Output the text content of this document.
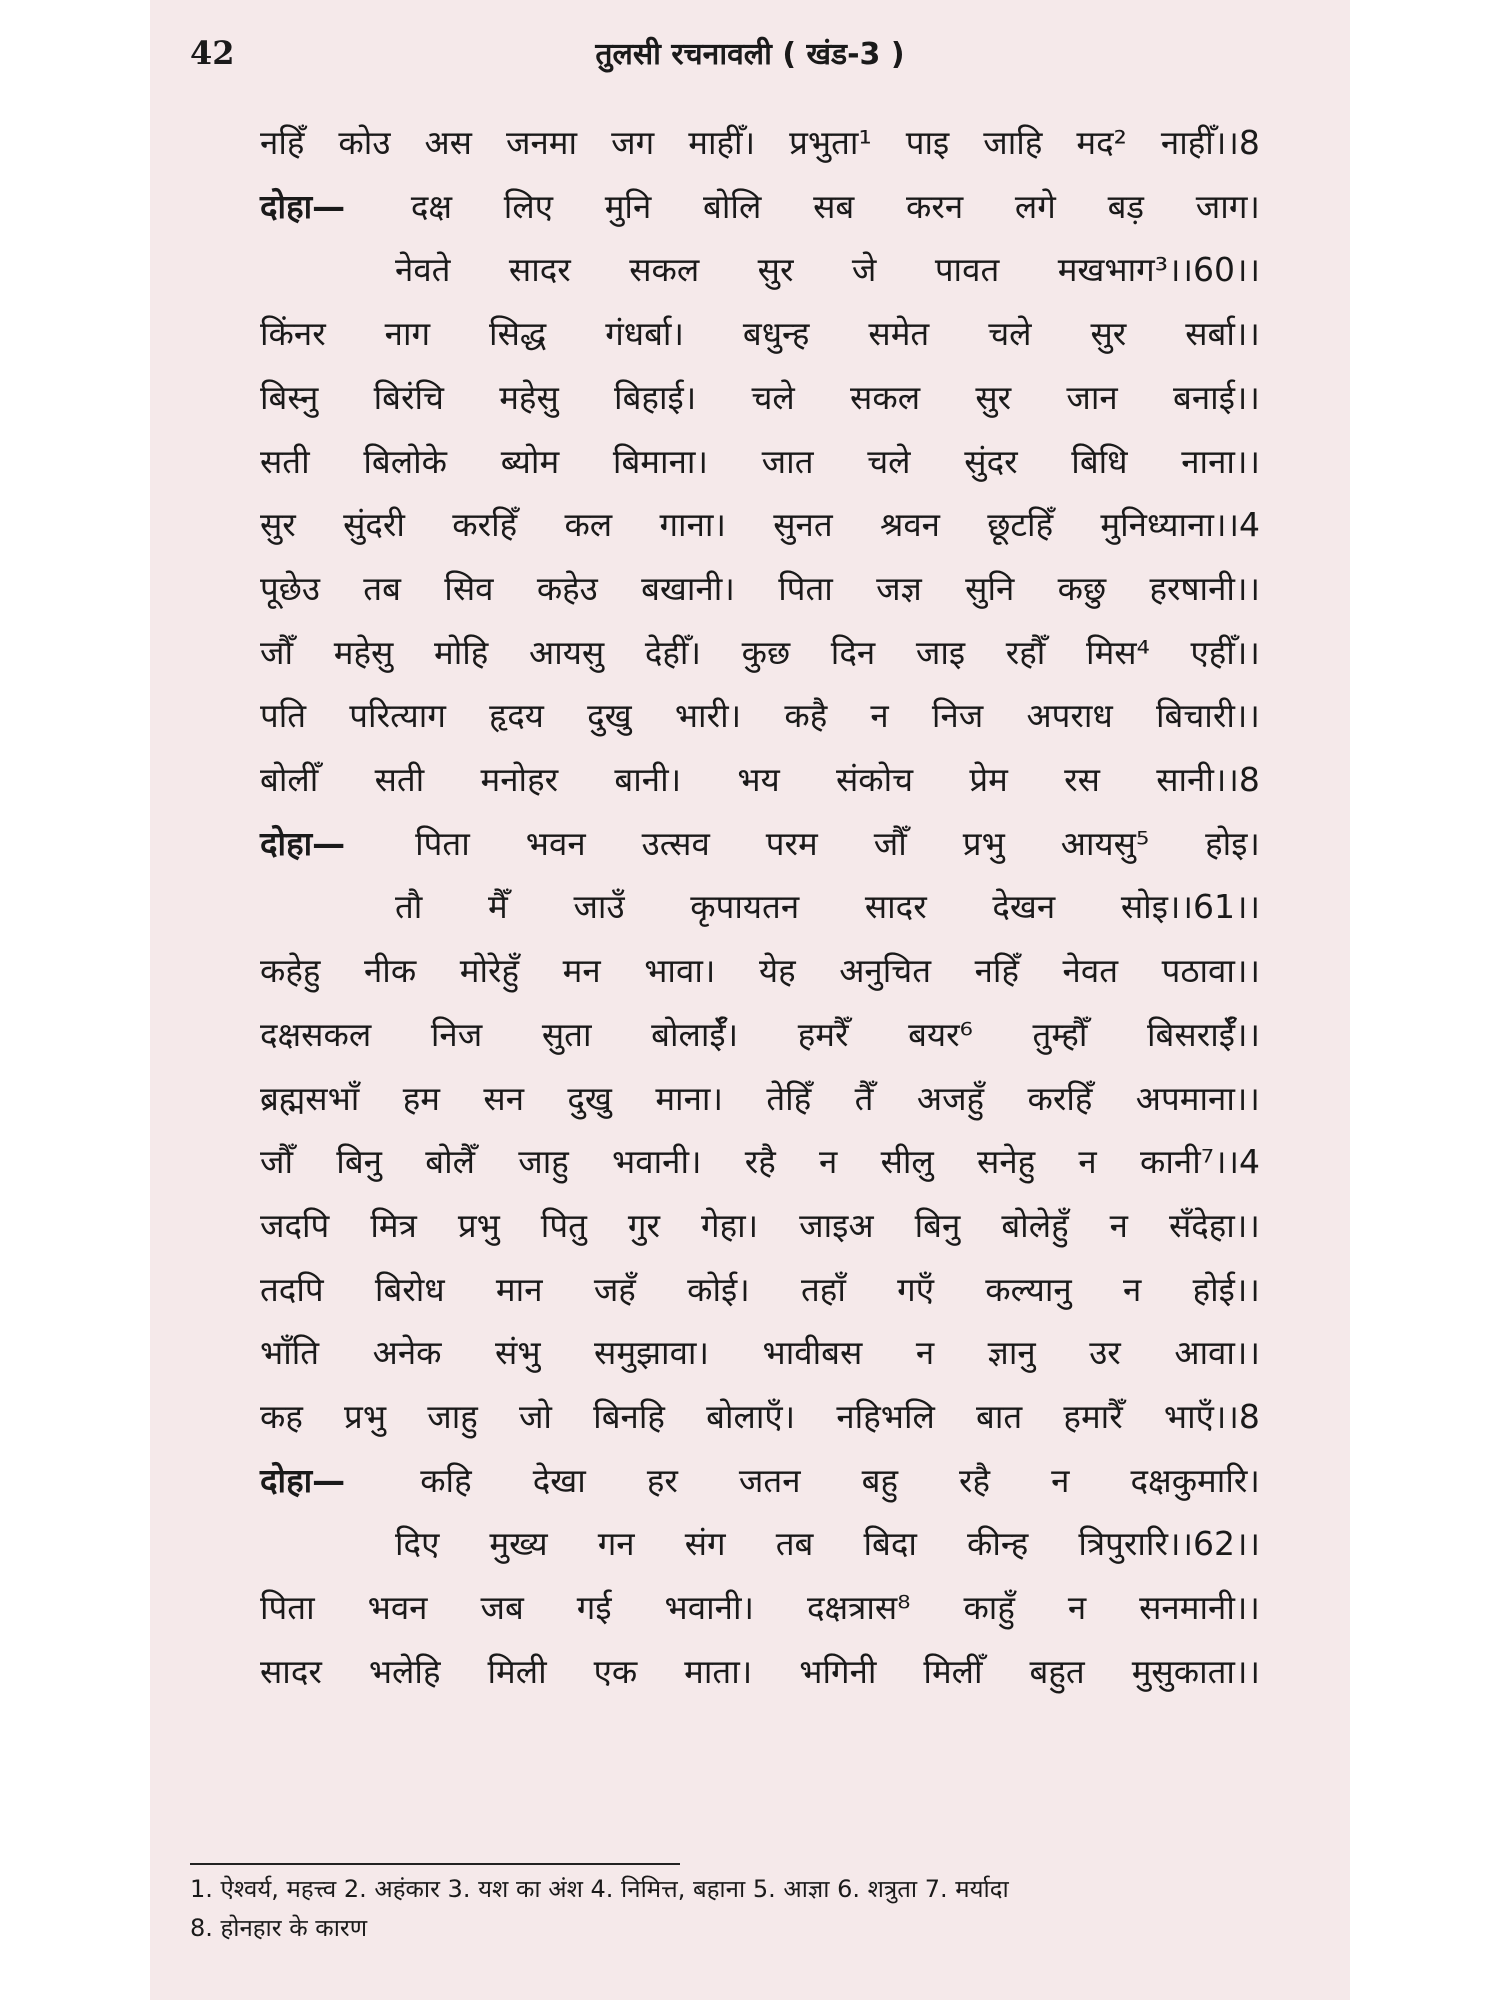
42	तुलसी रचनावली ( खंड-3 )
नहिँ कोउ अस जनमा जग माहीँ। प्रभुता¹ पाइ जाहि मद² नाहीँ।।8
दोहा— दक्ष लिए मुनि बोलि सब करन लगे बड़ जाग।
नेवते सादर सकल सुर जे पावत मखभाग³।।60।।
किंनर नाग सिद्ध गंधर्बा। बधुन्ह समेत चले सुर सर्बा।।
बिस्नु बिरंचि महेसु बिहाई। चले सकल सुर जान बनाई।।
सती बिलोके ब्योम बिमाना। जात चले सुंदर बिधि नाना।।
सुर सुंदरी करहिँ कल गाना। सुनत श्रवन छूटहिँ मुनिध्याना।।4
पूछेउ तब सिव कहेउ बखानी। पिता जज्ञ सुनि कछु हरषानी।।
जौँ महेसु मोहि आयसु देहीँ। कुछ दिन जाइ रहौँ मिस⁴ एहीँ।।
पति परित्याग हृदय दुखु भारी। कहै न निज अपराध बिचारी।।
बोलीँ सती मनोहर बानी। भय संकोच प्रेम रस सानी।।8
दोहा— पिता भवन उत्सव परम जौँ प्रभु आयसु⁵ होइ।
तौ मैँ जाउँ कृपायतन सादर देखन सोइ।।61।।
कहेहु नीक मोरेहुँ मन भावा। येह अनुचित नहिँ नेवत पठावा।।
दक्षसकल निज सुता बोलाईँ। हमरैँ बयर⁶ तुम्हौँ बिसराईँ।।
ब्रह्मसभाँ हम सन दुखु माना। तेहिँ तैँ अजहुँ करहिँ अपमाना।।
जौँ बिनु बोलैँ जाहु भवानी। रहै न सीलु सनेहु न कानी⁷।।4
जदपि मित्र प्रभु पितु गुर गेहा। जाइअ बिनु बोलेहुँ न सँदेहा।।
तदपि बिरोध मान जहँ कोई। तहाँ गएँ कल्यानु न होई।।
भाँति अनेक संभु समुझावा। भावीबस न ज्ञानु उर आवा।।
कह प्रभु जाहु जो बिनहि बोलाएँ। नहिभलि बात हमारैँ भाएँ।।8
दोहा— कहि देखा हर जतन बहु रहै न दक्षकुमारि।
दिए मुख्य गन संग तब बिदा कीन्ह त्रिपुरारि।।62।।
पिता भवन जब गई भवानी। दक्षत्रास⁸ काहुँ न सनमानी।।
सादर भलेहि मिली एक माता। भगिनी मिलीँ बहुत मुसुकाता।।
1. ऐश्वर्य, महत्त्व 2. अहंकार 3. यश का अंश 4. निमित्त, बहाना 5. आज्ञा 6. शत्रुता 7. मर्यादा
8. होनहार के कारण
